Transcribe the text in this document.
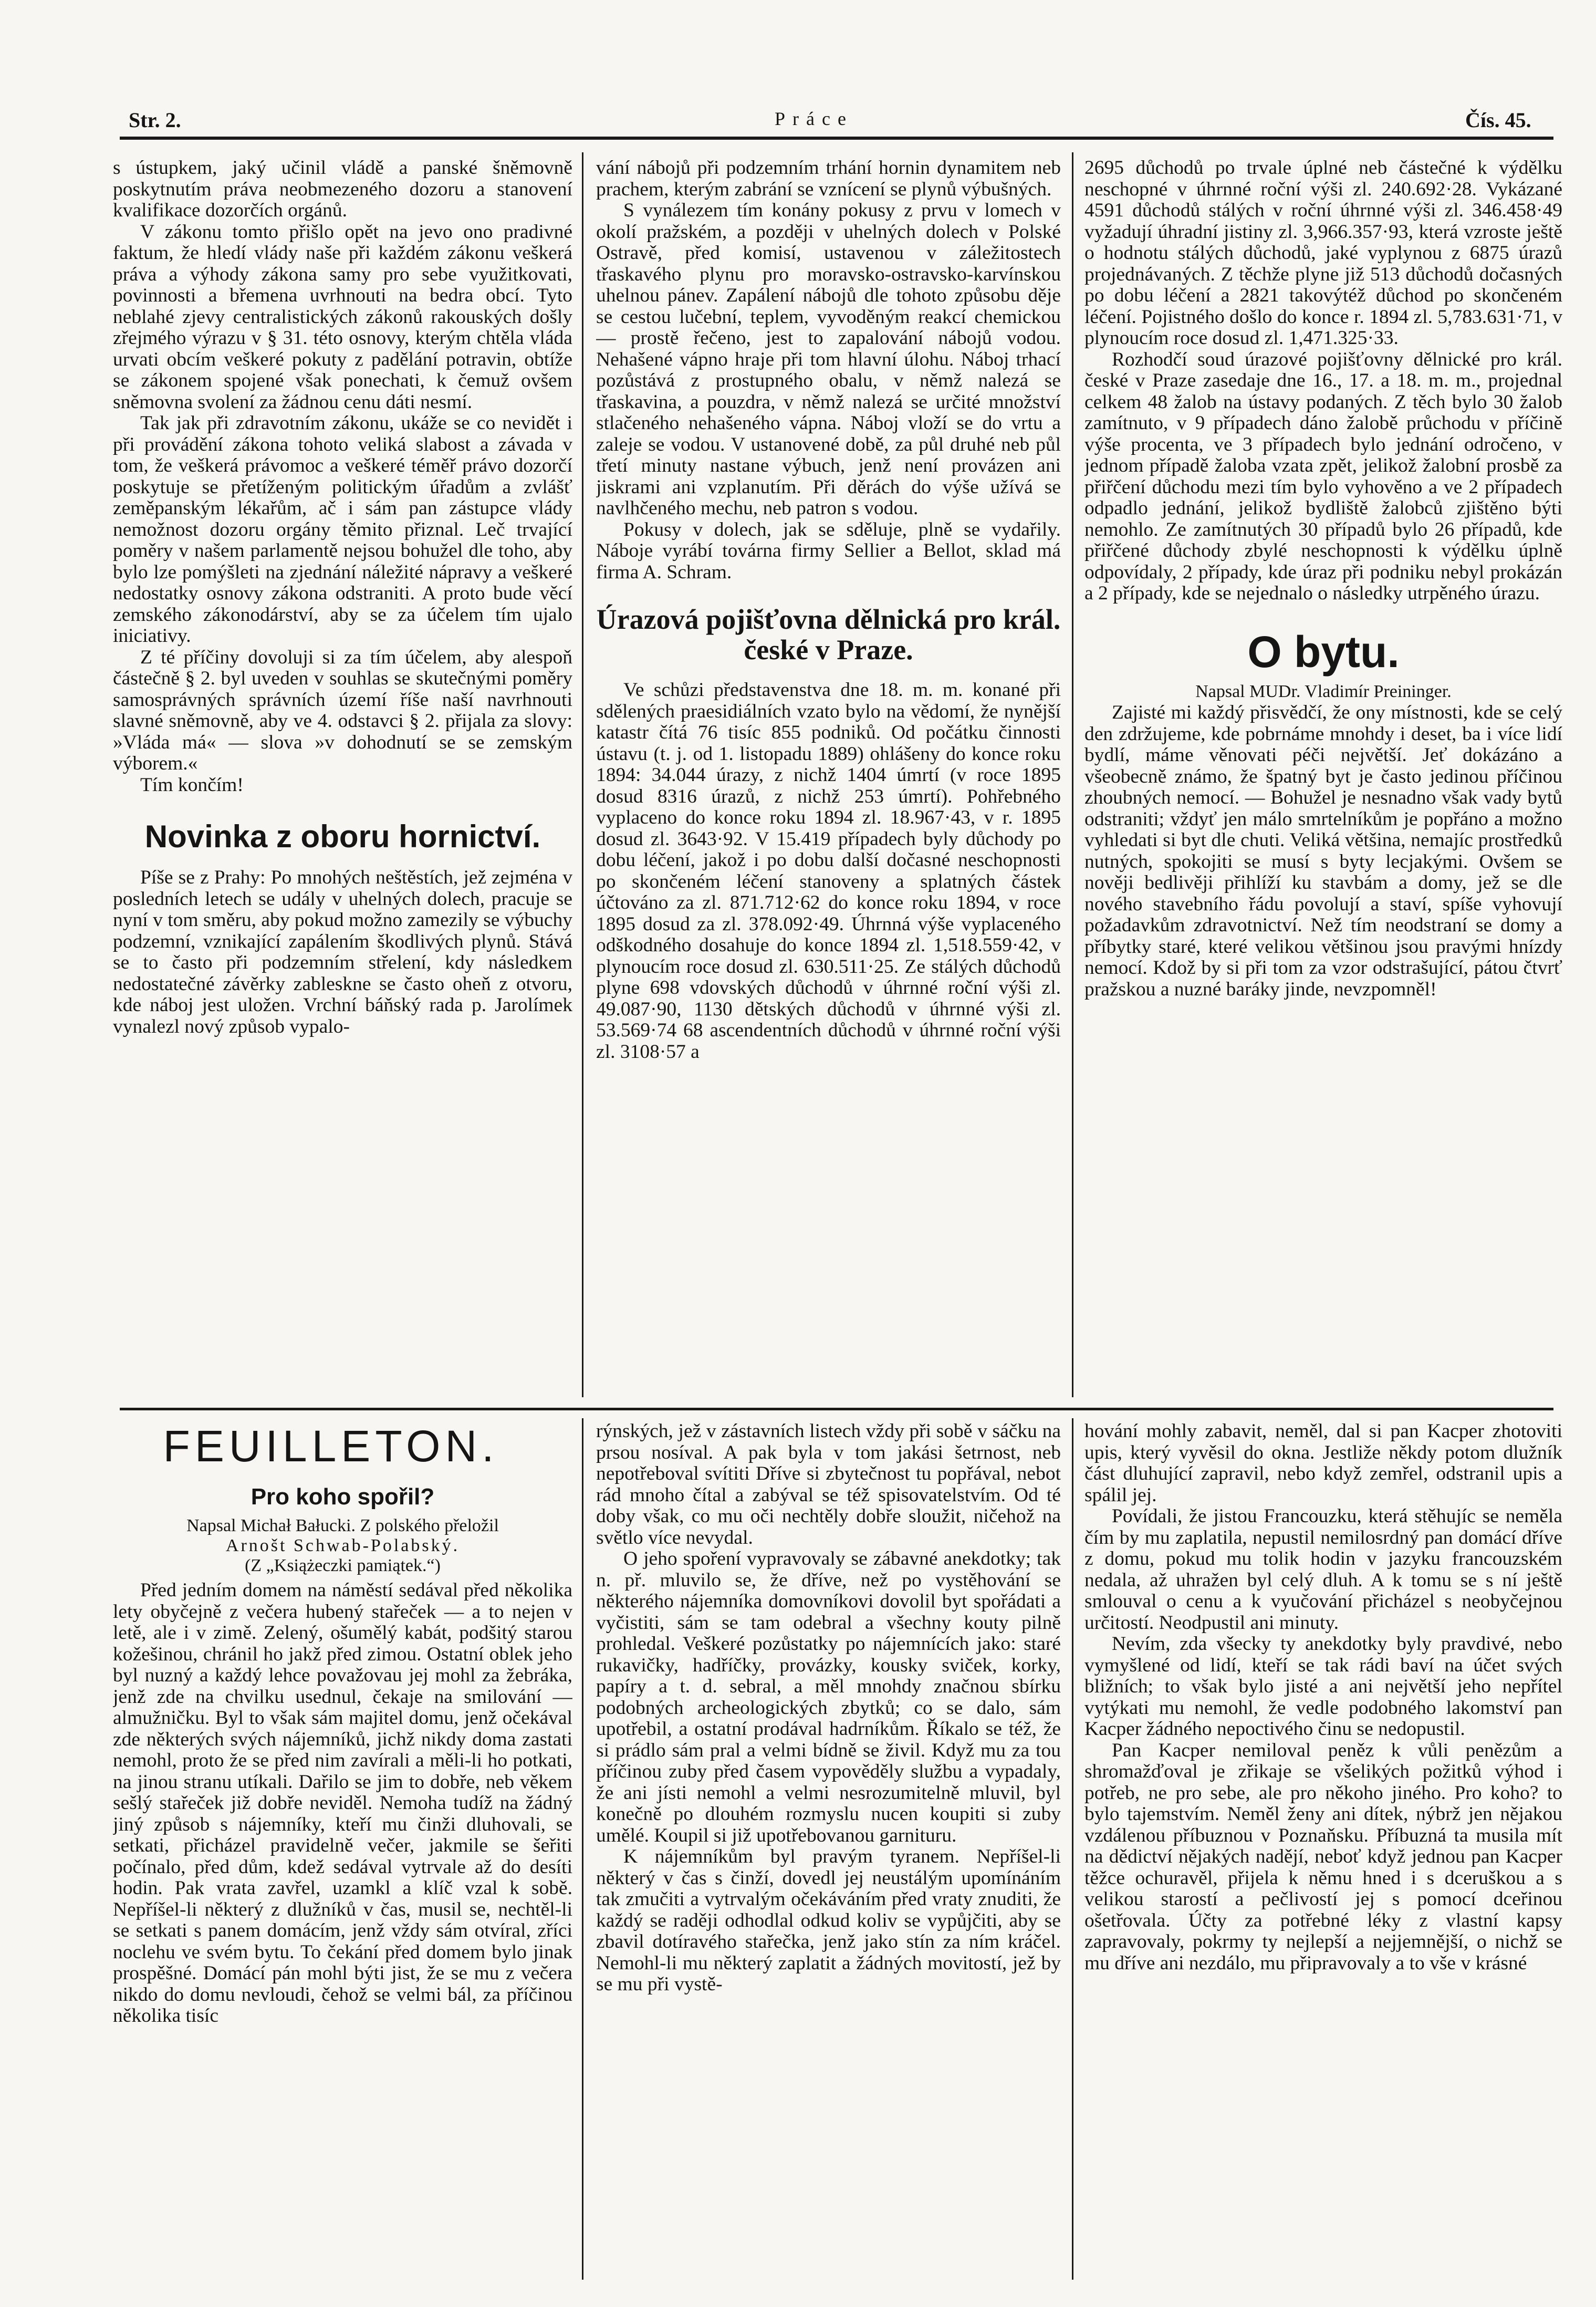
Str. 2.	Práce	Čís. 45.

s ústupkem, jaký učinil vládě a panské šněmovně poskytnutím práva neobmezeného dozoru a stanovení kvalifikace dozorčích orgánů.

V zákonu tomto přišlo opět na jevo ono pradivné faktum, že hledí vlády naše při každém zákonu veškerá práva a výhody zákona samy pro sebe využitkovati, povinnosti a břemena uvrhnouti na bedra obcí. Tyto neblahé zjevy centralistických zákonů rakouských došly zřejmého výrazu v § 31. této osnovy, kterým chtěla vláda urvati obcím veškeré pokuty z padělání potravin, obtíže se zákonem spojené však ponechati, k čemuž ovšem sněmovna svolení za žádnou cenu dáti nesmí.

Tak jak při zdravotním zákonu, ukáže se co nevidět i při provádění zákona tohoto veliká slabost a závada v tom, že veškerá právomoc a veškeré téměř právo dozorčí poskytuje se přetíženým politickým úřadům a zvlášť zeměpanským lékařům, ač i sám pan zástupce vlády nemožnost dozoru orgány těmito přiznal. Leč trvající poměry v našem parlamentě nejsou bohužel dle toho, aby bylo lze pomýšleti na zjednání náležité nápravy a veškeré nedostatky osnovy zákona odstraniti. A proto bude věcí zemského zákonodárství, aby se za účelem tím ujalo iniciativy.

Z té příčiny dovoluji si za tím účelem, aby alespoň částečně § 2. byl uveden v souhlas se skutečnými poměry samosprávných správních území říše naší navrhnouti slavné sněmovně, aby ve 4. odstavci § 2. přijala za slovy: »Vláda má« — slova »v dohodnutí se se zemským výborem.«

Tím končím!

Novinka z oboru hornictví.

Píše se z Prahy: Po mnohých neštěstích, jež zejména v posledních letech se udály v uhelných dolech, pracuje se nyní v tom směru, aby pokud možno zamezily se výbuchy podzemní, vznikající zapálením škodlivých plynů. Stává se to často při podzemním střelení, kdy následkem nedostatečné závěrky zableskne se často oheň z otvoru, kde náboj jest uložen. Vrchní báňský rada p. Jarolímek vynalezl nový způsob vypalo-

vání nábojů při podzemním trhání hornin dynamitem neb prachem, kterým zabrání se vznícení se plynů výbušných.

S vynálezem tím konány pokusy z prvu v lomech v okolí pražském, a později v uhelných dolech v Polské Ostravě, před komisí, ustavenou v záležitostech třaskavého plynu pro moravsko-ostravsko-karvínskou uhelnou pánev. Zapálení nábojů dle tohoto způsobu děje se cestou lučební, teplem, vyvoděným reakcí chemickou — prostě řečeno, jest to zapalování nábojů vodou. Nehašené vápno hraje při tom hlavní úlohu. Náboj trhací pozůstává z prostupného obalu, v němž nalezá se třaskavina, a pouzdra, v němž nalezá se určité množství stlačeného nehašeného vápna. Náboj vloží se do vrtu a zaleje se vodou. V ustanovené době, za půl druhé neb půl třetí minuty nastane výbuch, jenž není provázen ani jiskrami ani vzplanutím. Při děrách do výše užívá se navlhčeného mechu, neb patron s vodou.

Pokusy v dolech, jak se sděluje, plně se vydařily. Náboje vyrábí továrna firmy Sellier a Bellot, sklad má firma A. Schram.

Úrazová pojišťovna dělnická pro král. české v Praze.

Ve schůzi představenstva dne 18. m. m. konané při sdělených praesidiálních vzato bylo na vědomí, že nynější katastr čítá 76 tisíc 855 podniků. Od počátku činnosti ústavu (t. j. od 1. listopadu 1889) ohlášeny do konce roku 1894: 34.044 úrazy, z nichž 1404 úmrtí (v roce 1895 dosud 8316 úrazů, z nichž 253 úmrtí). Pohřebného vyplaceno do konce roku 1894 zl. 18.967·43, v r. 1895 dosud zl. 3643·92. V 15.419 případech byly důchody po dobu léčení, jakož i po dobu další dočasné neschopnosti po skončeném léčení stanoveny a splatných částek účtováno za zl. 871.712·62 do konce roku 1894, v roce 1895 dosud za zl. 378.092·49. Úhrnná výše vyplaceného odškodného dosahuje do konce 1894 zl. 1,518.559·42, v plynoucím roce dosud zl. 630.511·25. Ze stálých důchodů plyne 698 vdovských důchodů v úhrnné roční výši zl. 49.087·90, 1130 dětských důchodů v úhrnné výši zl. 53.569·74 68 ascendentních důchodů v úhrnné roční výši zl. 3108·57 a

2695 důchodů po trvale úplné neb částečné k výdělku neschopné v úhrnné roční výši zl. 240.692·28. Vykázané 4591 důchodů stálých v roční úhrnné výši zl. 346.458·49 vyžadují úhradní jistiny zl. 3,966.357·93, která vzroste ještě o hodnotu stálých důchodů, jaké vyplynou z 6875 úrazů projednávaných. Z těchže plyne již 513 důchodů dočasných po dobu léčení a 2821 takovýtéž důchod po skončeném léčení. Pojistného došlo do konce r. 1894 zl. 5,783.631·71, v plynoucím roce dosud zl. 1,471.325·33.

Rozhodčí soud úrazové pojišťovny dělnické pro král. české v Praze zasedaje dne 16., 17. a 18. m. m., projednal celkem 48 žalob na ústavy podaných. Z těch bylo 30 žalob zamítnuto, v 9 případech dáno žalobě průchodu v příčině výše procenta, ve 3 případech bylo jednání odročeno, v jednom případě žaloba vzata zpět, jelikož žalobní prosbě za přiřčení důchodu mezi tím bylo vyhověno a ve 2 případech odpadlo jednání, jelikož bydliště žalobců zjištěno býti nemohlo. Ze zamítnutých 30 případů bylo 26 případů, kde přiřčené důchody zbylé neschopnosti k výdělku úplně odpovídaly, 2 případy, kde úraz při podniku nebyl prokázán a 2 případy, kde se nejednalo o následky utrpěného úrazu.

O bytu.

Napsal MUDr. Vladimír Preininger.

Zajisté mi každý přisvědčí, že ony místnosti, kde se celý den zdržujeme, kde pobrnáme mnohdy i deset, ba i více lidí bydlí, máme věnovati péči největší. Jeť dokázáno a všeobecně známo, že špatný byt je často jedinou příčinou zhoubných nemocí. — Bohužel je nesnadno však vady bytů odstraniti; vždyť jen málo smrtelníkům je popřáno a možno vyhledati si byt dle chuti. Veliká většina, nemajíc prostředků nutných, spokojiti se musí s byty lecjakými. Ovšem se nověji bedlivěji přihlíží ku stavbám a domy, jež se dle nového stavebního řádu povolují a staví, spíše vyhovují požadavkům zdravotnictví. Než tím neodstraní se domy a příbytky staré, které velikou většinou jsou pravými hnízdy nemocí. Kdož by si při tom za vzor odstrašující, pátou čtvrť pražskou a nuzné baráky jinde, nevzpomněl!

FEUILLETON.
Pro koho spořil?

Napsal Michał Bałucki. Z polského přeložil

Arnošt Schwab-Polabský.

(Z „Książeczki pamiątek.“)

Před jedním domem na náměstí sedával před několika lety obyčejně z večera hubený stařeček — a to nejen v letě, ale i v zimě. Zelený, ošumělý kabát, podšitý starou kožešinou, chránil ho jakž před zimou. Ostatní oblek jeho byl nuzný a každý lehce považovau jej mohl za žebráka, jenž zde na chvilku usednul, čekaje na smilování — almužničku. Byl to však sám majitel domu, jenž očekával zde některých svých nájemníků, jichž nikdy doma zastati nemohl, proto že se před nim zavírali a měli-li ho potkati, na jinou stranu utíkali. Dařilo se jim to dobře, neb věkem sešlý stařeček již dobře neviděl. Nemoha tudíž na žádný jiný způsob s nájemníky, kteří mu činži dluhovali, se setkati, přicházel pravidelně večer, jakmile se šeřiti počínalo, před dům, kdež sedával vytrvale až do desíti hodin. Pak vrata zavřel, uzamkl a klíč vzal k sobě. Nepříšel-li některý z dlužníků v čas, musil se, nechtěl-li se setkati s panem domácím, jenž vždy sám otvíral, zříci noclehu ve svém bytu. To čekání před domem bylo jinak prospěšné. Domácí pán mohl býti jist, že se mu z večera nikdo do domu nevloudi, čehož se velmi bál, za příčinou několika tisíc

rýnských, jež v zástavních listech vždy při sobě v sáčku na prsou nosíval. A pak byla v tom jakási šetrnost, neb nepotřeboval svítiti Dříve si zbytečnost tu popřával, nebot rád mnoho čítal a zabýval se též spisovatelstvím. Od té doby však, co mu oči nechtěly dobře sloužit, ničehož na světlo více nevydal.

O jeho spoření vypravovaly se zábavné anekdotky; tak n. př. mluvilo se, že dříve, než po vystěhování se některého nájemníka domovníkovi dovolil byt spořádati a vyčistiti, sám se tam odebral a všechny kouty pilně prohledal. Veškeré pozůstatky po nájemnících jako: staré rukavičky, hadříčky, provázky, kousky sviček, korky, papíry a t. d. sebral, a měl mnohdy značnou sbírku podobných archeologických zbytků; co se dalo, sám upotřebil, a ostatní prodával hadrníkům. Říkalo se též, že si prádlo sám pral a velmi bídně se živil. Když mu za tou příčinou zuby před časem vypověděly službu a vypadaly, že ani jísti nemohl a velmi nesrozumitelně mluvil, byl konečně po dlouhém rozmyslu nucen koupiti si zuby umělé. Koupil si již upotřebovanou garnituru.

K nájemníkům byl pravým tyranem. Nepříšel-li některý v čas s činží, dovedl jej neustálým upomínáním tak zmučiti a vytrvalým očekáváním před vraty znuditi, že každý se raději odhodlal odkud koliv se vypůjčiti, aby se zbavil dotíravého stařečka, jenž jako stín za ním kráčel. Nemohl-li mu některý zaplatit a žádných movitostí, jež by se mu při vystě-

hování mohly zabavit, neměl, dal si pan Kacper zhotoviti upis, který vyvěsil do okna. Jestliže někdy potom dlužník část dluhující zapravil, nebo když zemřel, odstranil upis a spálil jej.

Povídali, že jistou Francouzku, která stěhujíc se neměla čím by mu zaplatila, nepustil nemilosrdný pan domácí dříve z domu, pokud mu tolik hodin v jazyku francouzském nedala, až uhražen byl celý dluh. A k tomu se s ní ještě smlouval o cenu a k vyučování přicházel s neobyčejnou určitostí. Neodpustil ani minuty.

Nevím, zda všecky ty anekdotky byly pravdivé, nebo vymyšlené od lidí, kteří se tak rádi baví na účet svých bližních; to však bylo jisté a ani největší jeho nepřítel vytýkati mu nemohl, že vedle podobného lakomství pan Kacper žádného nepoctivého činu se nedopustil.

Pan Kacper nemiloval peněz k vůli penězům a shromažďoval je zřikaje se všelikých požitků výhod i potřeb, ne pro sebe, ale pro někoho jiného. Pro koho? to bylo tajemstvím. Neměl ženy ani dítek, nýbrž jen nějakou vzdálenou příbuznou v Poznaňsku. Příbuzná ta musila mít na dědictví nějakých nadějí, neboť když jednou pan Kacper těžce ochuravěl, přijela k němu hned i s dceruškou a s velikou starostí a pečlivostí jej s pomocí dceřinou ošetřovala. Účty za potřebné léky z vlastní kapsy zapravovaly, pokrmy ty nejlepší a nejjemnější, o nichž se mu dříve ani nezdálo, mu připravovaly a to vše v krásné
